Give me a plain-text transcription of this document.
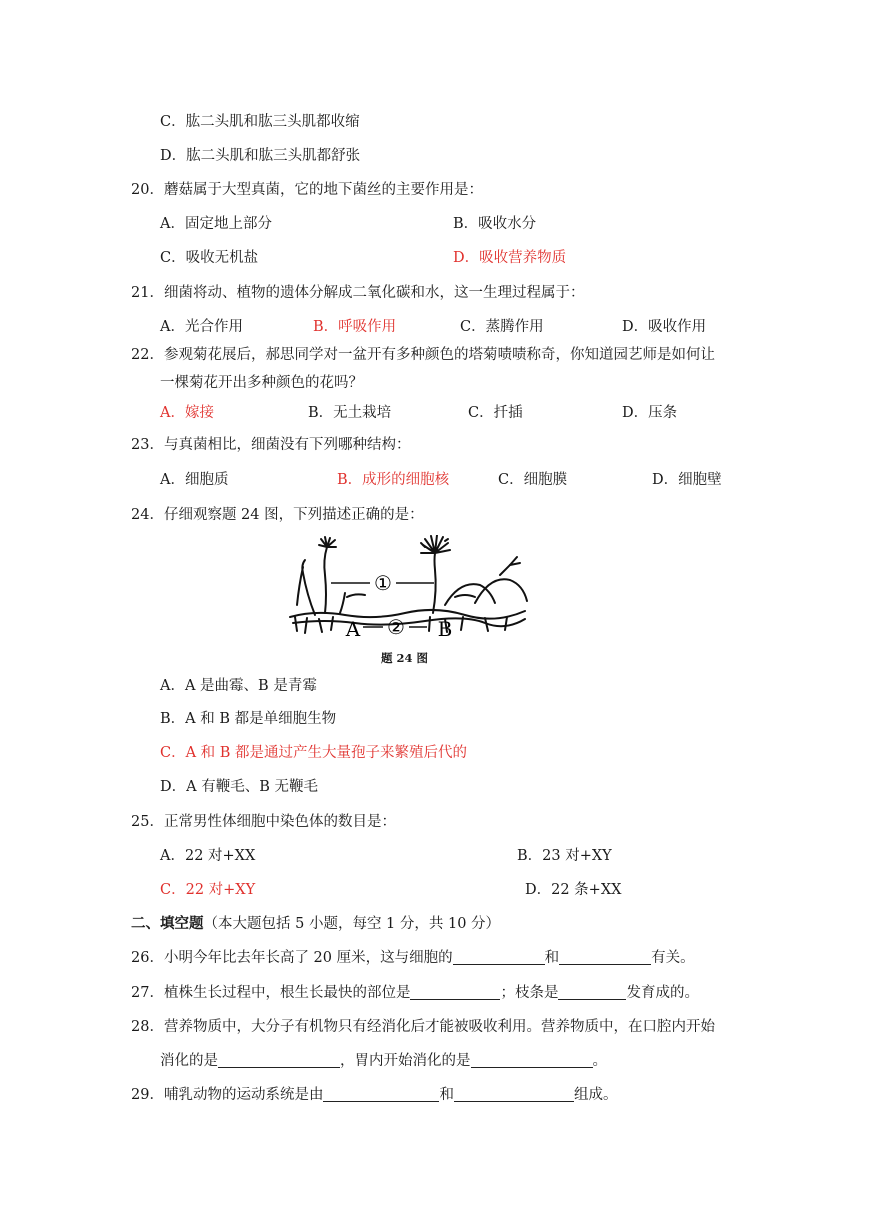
C．肱二头肌和肱三头肌都收缩
D．肱二头肌和肱三头肌都舒张
20．蘑菇属于大型真菌，它的地下菌丝的主要作用是：
A．固定地上部分	B．吸收水分
C．吸收无机盐	D．吸收营养物质
21．细菌将动、植物的遗体分解成二氧化碳和水，这一生理过程属于：
A．光合作用	B．呼吸作用	C．蒸腾作用	D．吸收作用
22．参观菊花展后，郝思同学对一盆开有多种颜色的塔菊啧啧称奇，你知道园艺师是如何让
一棵菊花开出多种颜色的花吗？
A．嫁接	B．无土栽培	C．扦插	D．压条
23．与真菌相比，细菌没有下列哪种结构：
A．细胞质	B．成形的细胞核	C．细胞膜	D．细胞壁
24．仔细观察题 24 图，下列描述正确的是：
①
②
A	B
题 24 图
A．A 是曲霉、B 是青霉
B．A 和 B 都是单细胞生物
C．A 和 B 都是通过产生大量孢子来繁殖后代的
D．A 有鞭毛、B 无鞭毛
25．正常男性体细胞中染色体的数目是：
A．22 对+XX	B．23 对+XY
C．22 对+XY	D．22 条+XX
二、填空题（本大题包括 5 小题，每空 1 分，共 10 分）
26．小明今年比去年长高了 20 厘米，这与细胞的	和	有关。
27．植株生长过程中，根生长最快的部位是	；枝条是	发育成的。
28．营养物质中，大分子有机物只有经消化后才能被吸收利用。营养物质中，在口腔内开始
消化的是	，胃内开始消化的是	。
29．哺乳动物的运动系统是由	和	组成。
